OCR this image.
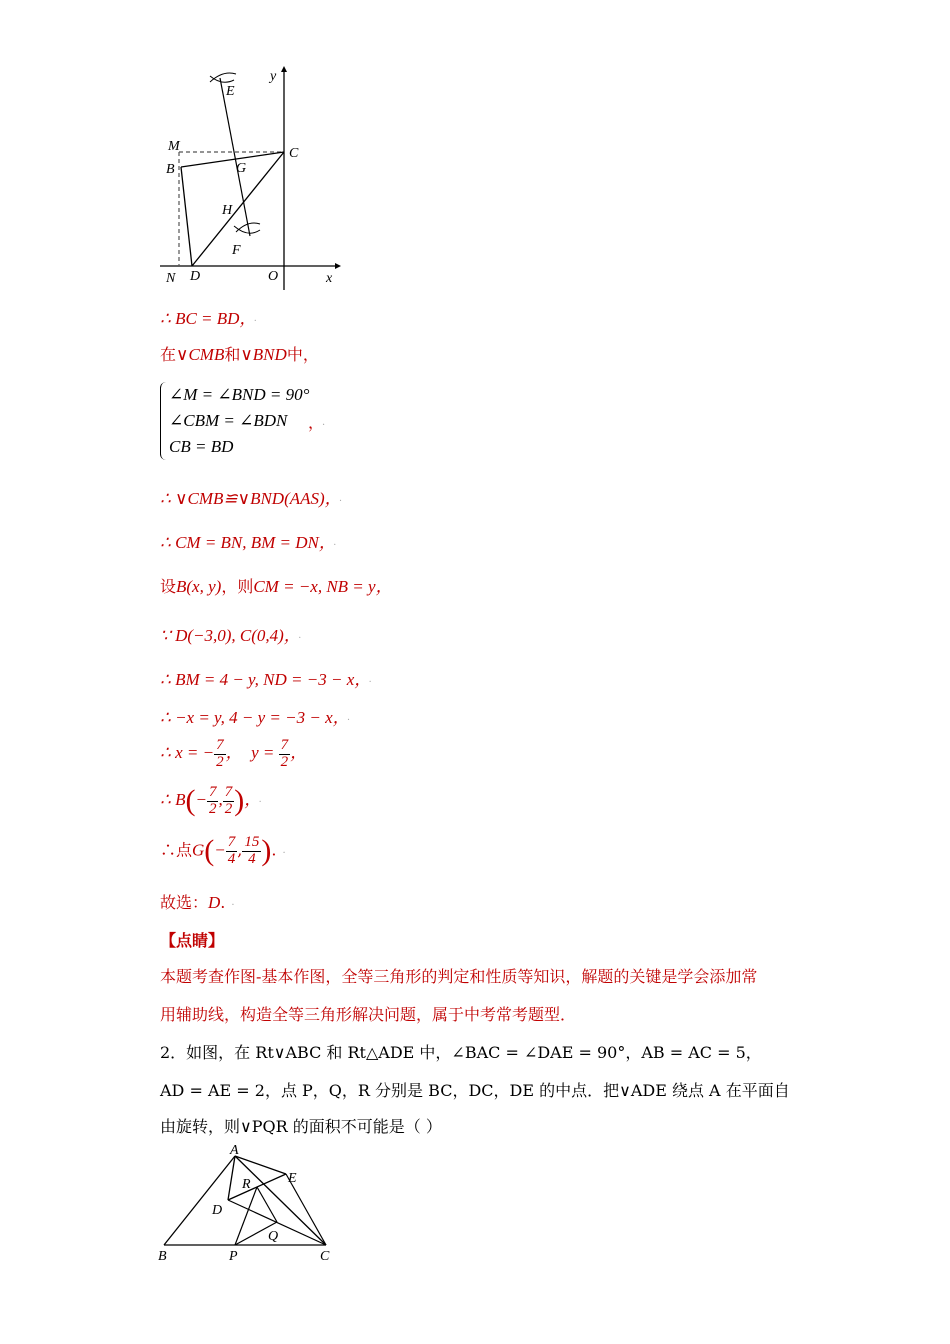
E
M
B
C
G
H
F
N D	O	x
y
∴ BC = BD， ·
在∨CMB和∨BND中，
∠M = ∠BND = 90°
∠CBM = ∠BDN
CB = BD
， ·
∴ ∨CMB≌∨BND(AAS)， ·
∴ CM = BN, BM = DN， ·
设B(x, y)，则CM = −x, NB = y，
∵ D(−3,0), C(0,4)， ·
∴ BM = 4 − y, ND = −3 − x， ·
∴ −x = y, 4 − y = −3 − x， ·
∴ x = − $\frac{7}{2}$ ， $y = \frac{7}{2}$ ，
∴ $B(- \frac{7}{2}$ , $\frac{7}{2}$ )， ·
∴点$G(- \frac{7}{4}$ , $\frac{15}{4}$ ). ·
故选：D. ·
【点睛】
本题考查作图-基本作图，全等三角形的判定和性质等知识，解题的关键是学会添加常
用辅助线，构造全等三角形解决问题，属于中考常考题型．
2．如图，在 Rt∨ABC 和 Rt△ADE 中，∠BAC = ∠DAE = 90°，AB = AC = 5，
AD = AE = 2，点 P，Q，R 分别是 BC，DC，DE 的中点．把∨ADE 绕点 A 在平面自
由旋转，则∨PQR 的面积不可能是（ ）
A
E
R
D
B	P
Q
C
